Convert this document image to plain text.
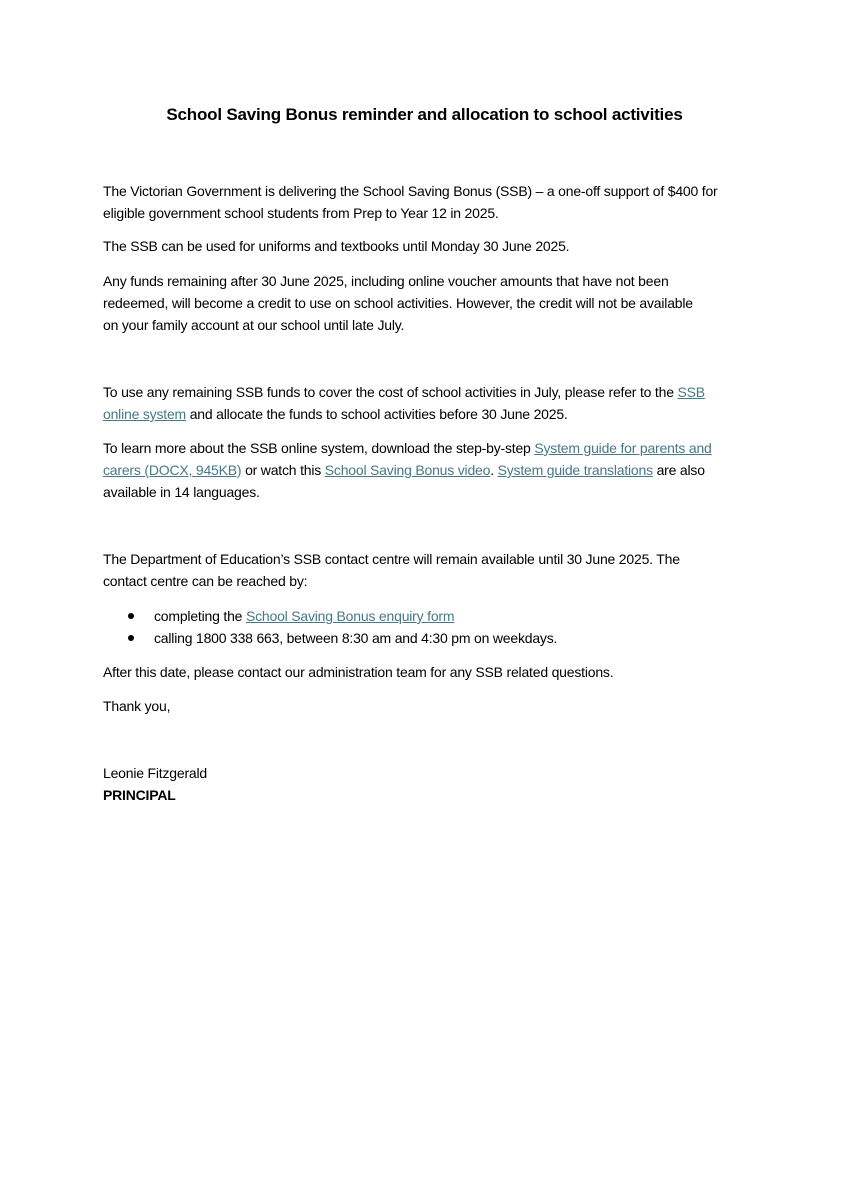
School Saving Bonus reminder and allocation to school activities
The Victorian Government is delivering the School Saving Bonus (SSB) – a one-off support of $400 for
eligible government school students from Prep to Year 12 in 2025.
The SSB can be used for uniforms and textbooks until Monday 30 June 2025.
Any funds remaining after 30 June 2025, including online voucher amounts that have not been
redeemed, will become a credit to use on school activities. However, the credit will not be available
on your family account at our school until late July.
To use any remaining SSB funds to cover the cost of school activities in July, please refer to the SSB
online system and allocate the funds to school activities before 30 June 2025.
To learn more about the SSB online system, download the step-by-step System guide for parents and
carers (DOCX, 945KB) or watch this School Saving Bonus video. System guide translations are also
available in 14 languages.
The Department of Education’s SSB contact centre will remain available until 30 June 2025. The
contact centre can be reached by:

completing the School Saving Bonus enquiry form

calling 1800 338 663, between 8:30 am and 4:30 pm on weekdays.

After this date, please contact our administration team for any SSB related questions.
Thank you,
Leonie Fitzgerald
PRINCIPAL
